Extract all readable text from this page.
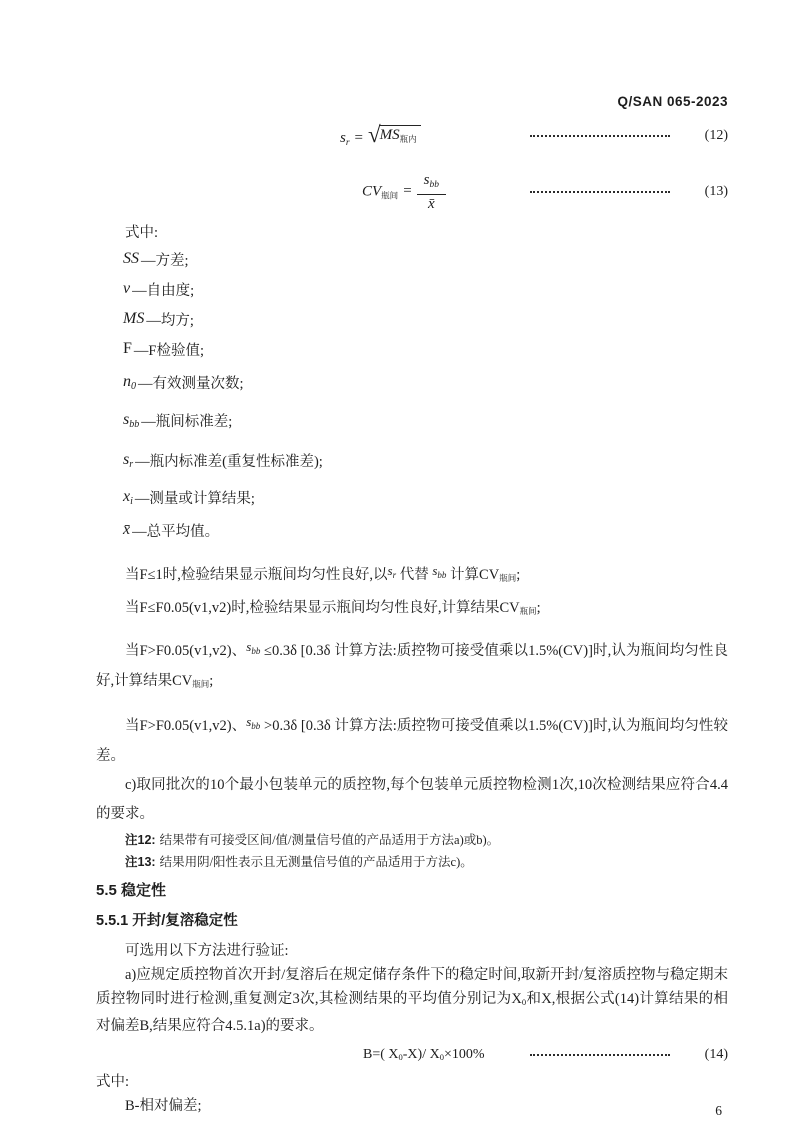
Q/SAN 065-2023
$s_r$ = √ $MS_{瓶内}$	(12)
$CV_{瓶间} = \frac{s_{bb}}{x̄}$	(13)
式中:
SS —方差;
v —自由度;
MS —均方;
F —F检验值;
n0 —有效测量次数;
sbb —瓶间标准差;
sr —瓶内标准差(重复性标准差);
xi —测量或计算结果;
x̄ —总平均值。
当F≤1时,检验结果显示瓶间均匀性良好,以sr 代替 sbb 计算CV瓶间;
当F≤F0.05(v1,v2)时,检验结果显示瓶间均匀性良好,计算结果CV瓶间;
当F>F0.05(v1,v2)、sbb ≤0.3δ [0.3δ 计算方法:质控物可接受值乘以1.5%(CV)]时,认为瓶间均匀性良好,计算结果CV瓶间;
当F>F0.05(v1,v2)、sbb >0.3δ [0.3δ 计算方法:质控物可接受值乘以1.5%(CV)]时,认为瓶间均匀性较差。
c)取同批次的10个最小包装单元的质控物,每个包装单元质控物检测1次,10次检测结果应符合4.4的要求。
注12: 结果带有可接受区间/值/测量信号值的产品适用于方法a)或b)。
注13: 结果用阴/阳性表示且无测量信号值的产品适用于方法c)。
5.5 稳定性
5.5.1 开封/复溶稳定性
可选用以下方法进行验证:
a)应规定质控物首次开封/复溶后在规定储存条件下的稳定时间,取新开封/复溶质控物与稳定期末质控物同时进行检测,重复测定3次,其检测结果的平均值分别记为X0和X,根据公式(14)计算结果的相对偏差B,结果应符合4.5.1a)的要求。
B=( X0-X)/ X0×100%	(14)
式中:
B-相对偏差;	6
